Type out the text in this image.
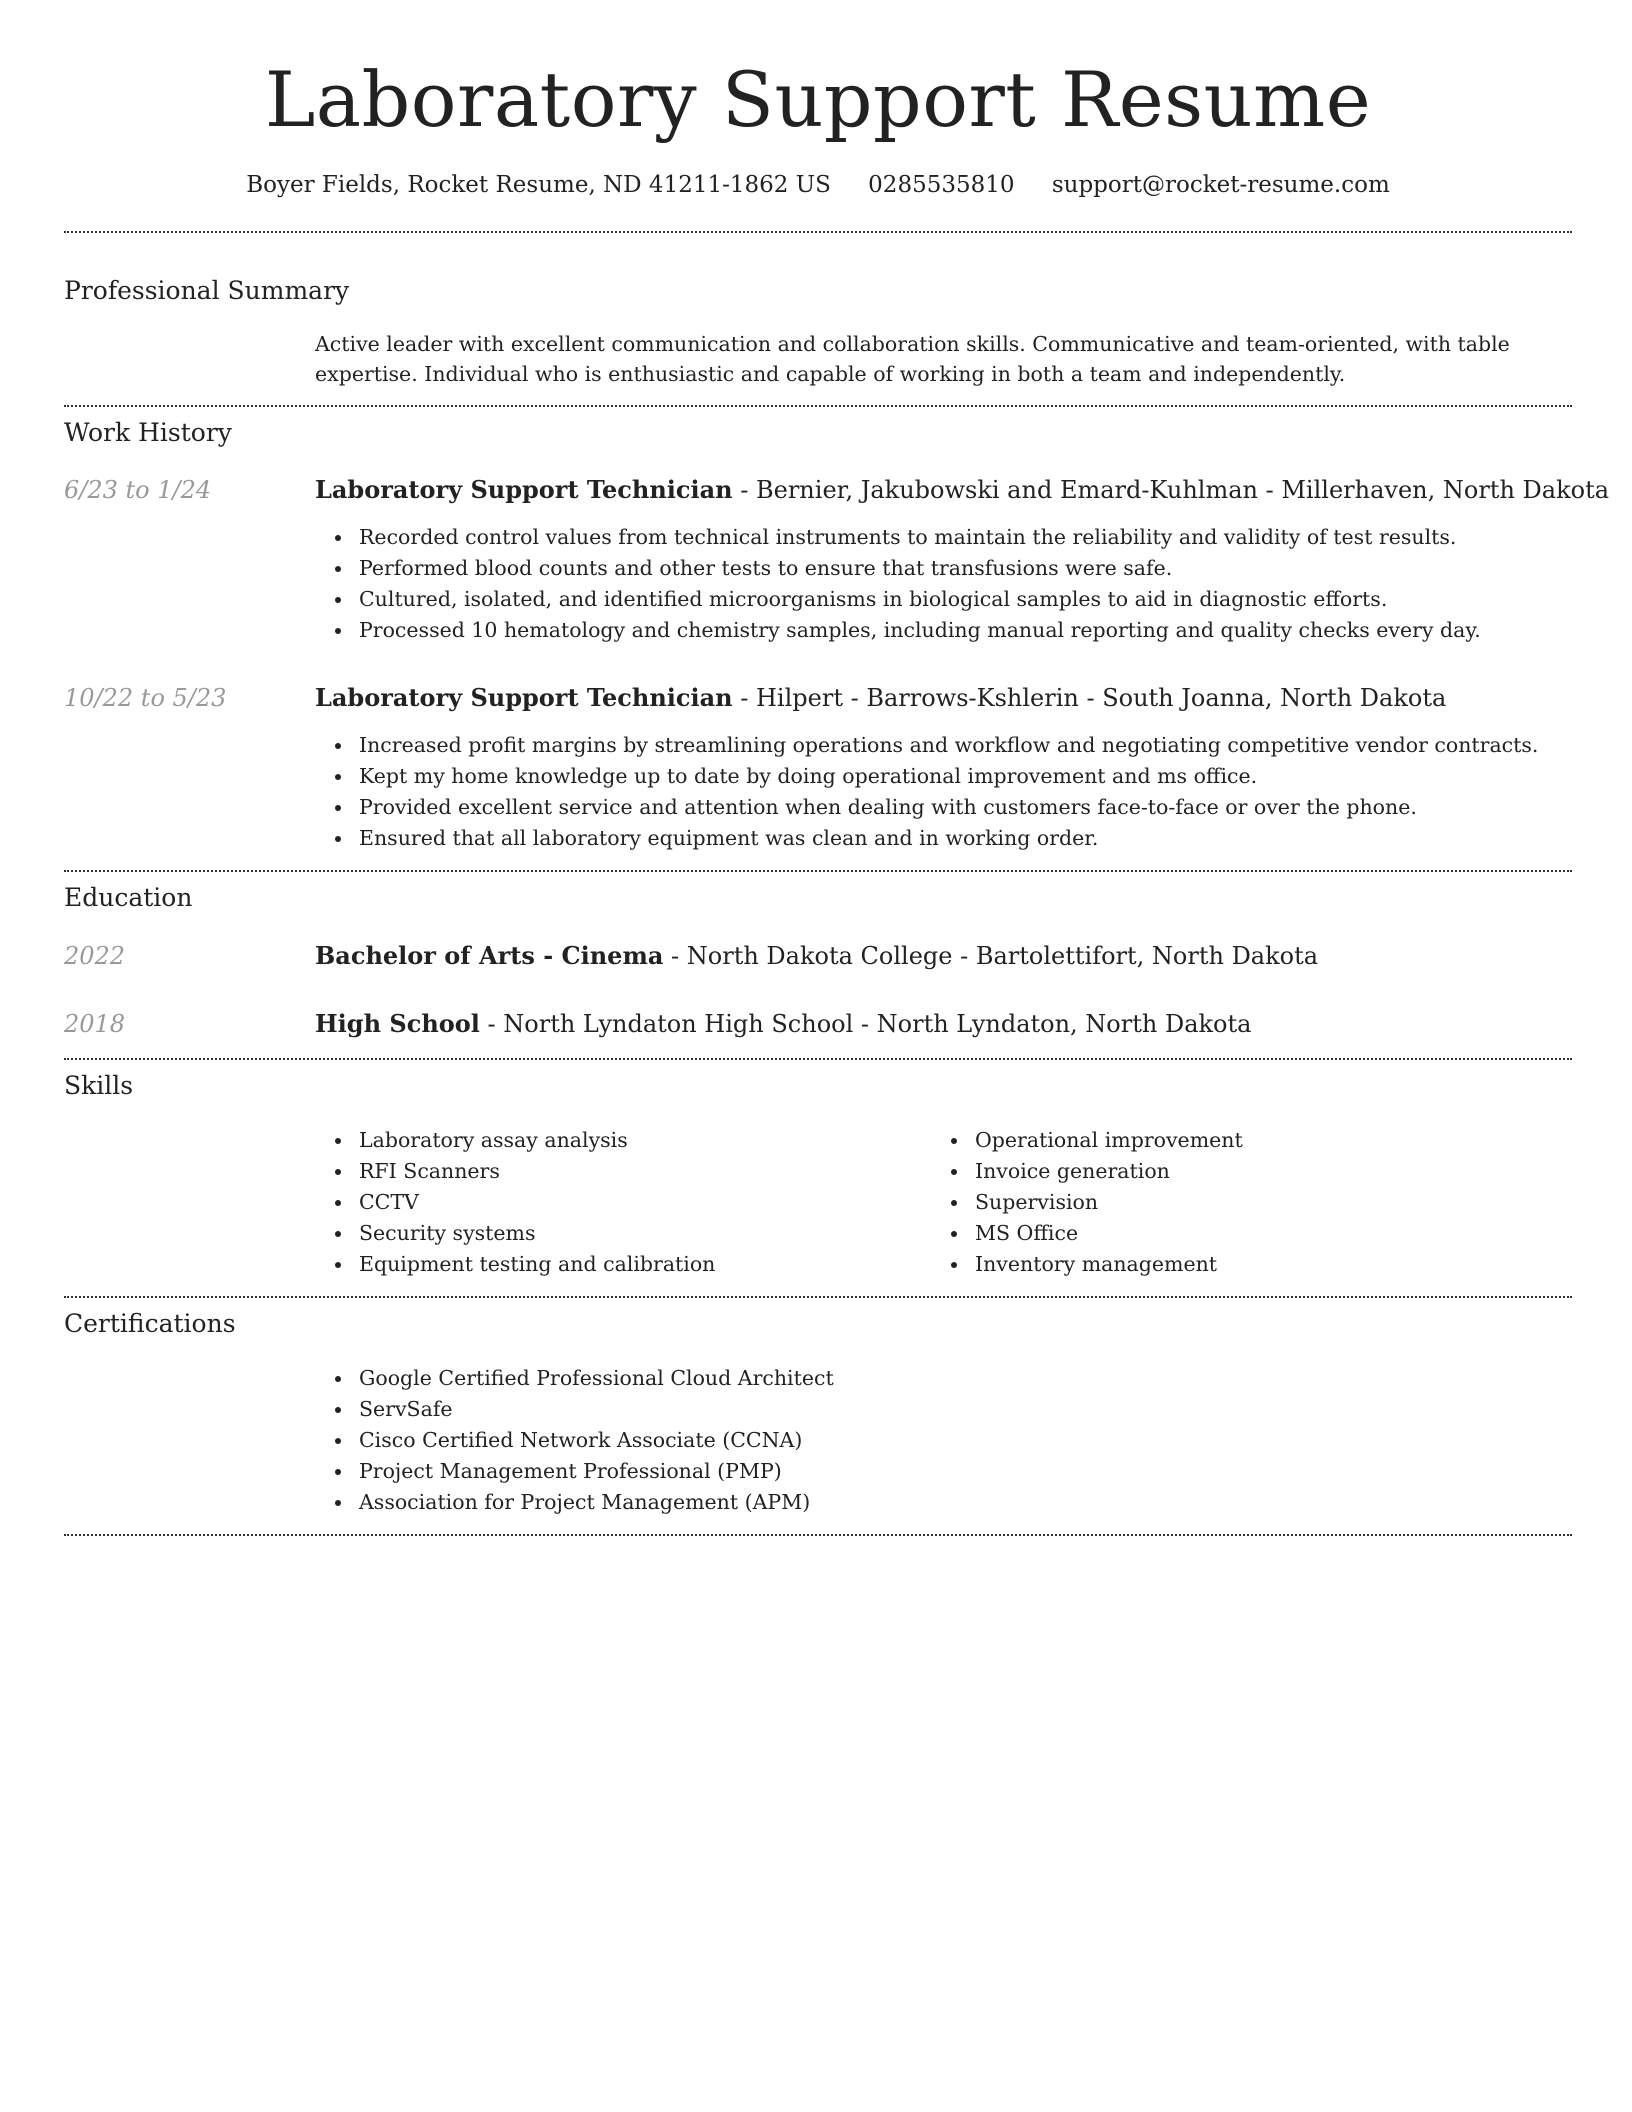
Laboratory Support Resume
Boyer Fields, Rocket Resume, ND 41211-1862 US 0285535810 support@rocket-resume.com
Professional Summary
Active leader with excellent communication and collaboration skills. Communicative and team-oriented, with table expertise. Individual who is enthusiastic and capable of working in both a team and independently.
Work History
6/23 to 1/24	Laboratory Support Technician - Bernier, Jakubowski and Emard-Kuhlman - Millerhaven, North Dakota
Recorded control values from technical instruments to maintain the reliability and validity of test results.
Performed blood counts and other tests to ensure that transfusions were safe.
Cultured, isolated, and identified microorganisms in biological samples to aid in diagnostic efforts.
Processed 10 hematology and chemistry samples, including manual reporting and quality checks every day.
10/22 to 5/23	Laboratory Support Technician - Hilpert - Barrows-Kshlerin - South Joanna, North Dakota
Increased profit margins by streamlining operations and workflow and negotiating competitive vendor contracts.
Kept my home knowledge up to date by doing operational improvement and ms office.
Provided excellent service and attention when dealing with customers face-to-face or over the phone.
Ensured that all laboratory equipment was clean and in working order.
Education
2022	Bachelor of Arts - Cinema - North Dakota College - Bartolettifort, North Dakota
2018	High School - North Lyndaton High School - North Lyndaton, North Dakota
Skills
Laboratory assay analysis
RFI Scanners
CCTV
Security systems
Equipment testing and calibration
Operational improvement
Invoice generation
Supervision
MS Office
Inventory management
Certifications
Google Certified Professional Cloud Architect
ServSafe
Cisco Certified Network Associate (CCNA)
Project Management Professional (PMP)
Association for Project Management (APM)
